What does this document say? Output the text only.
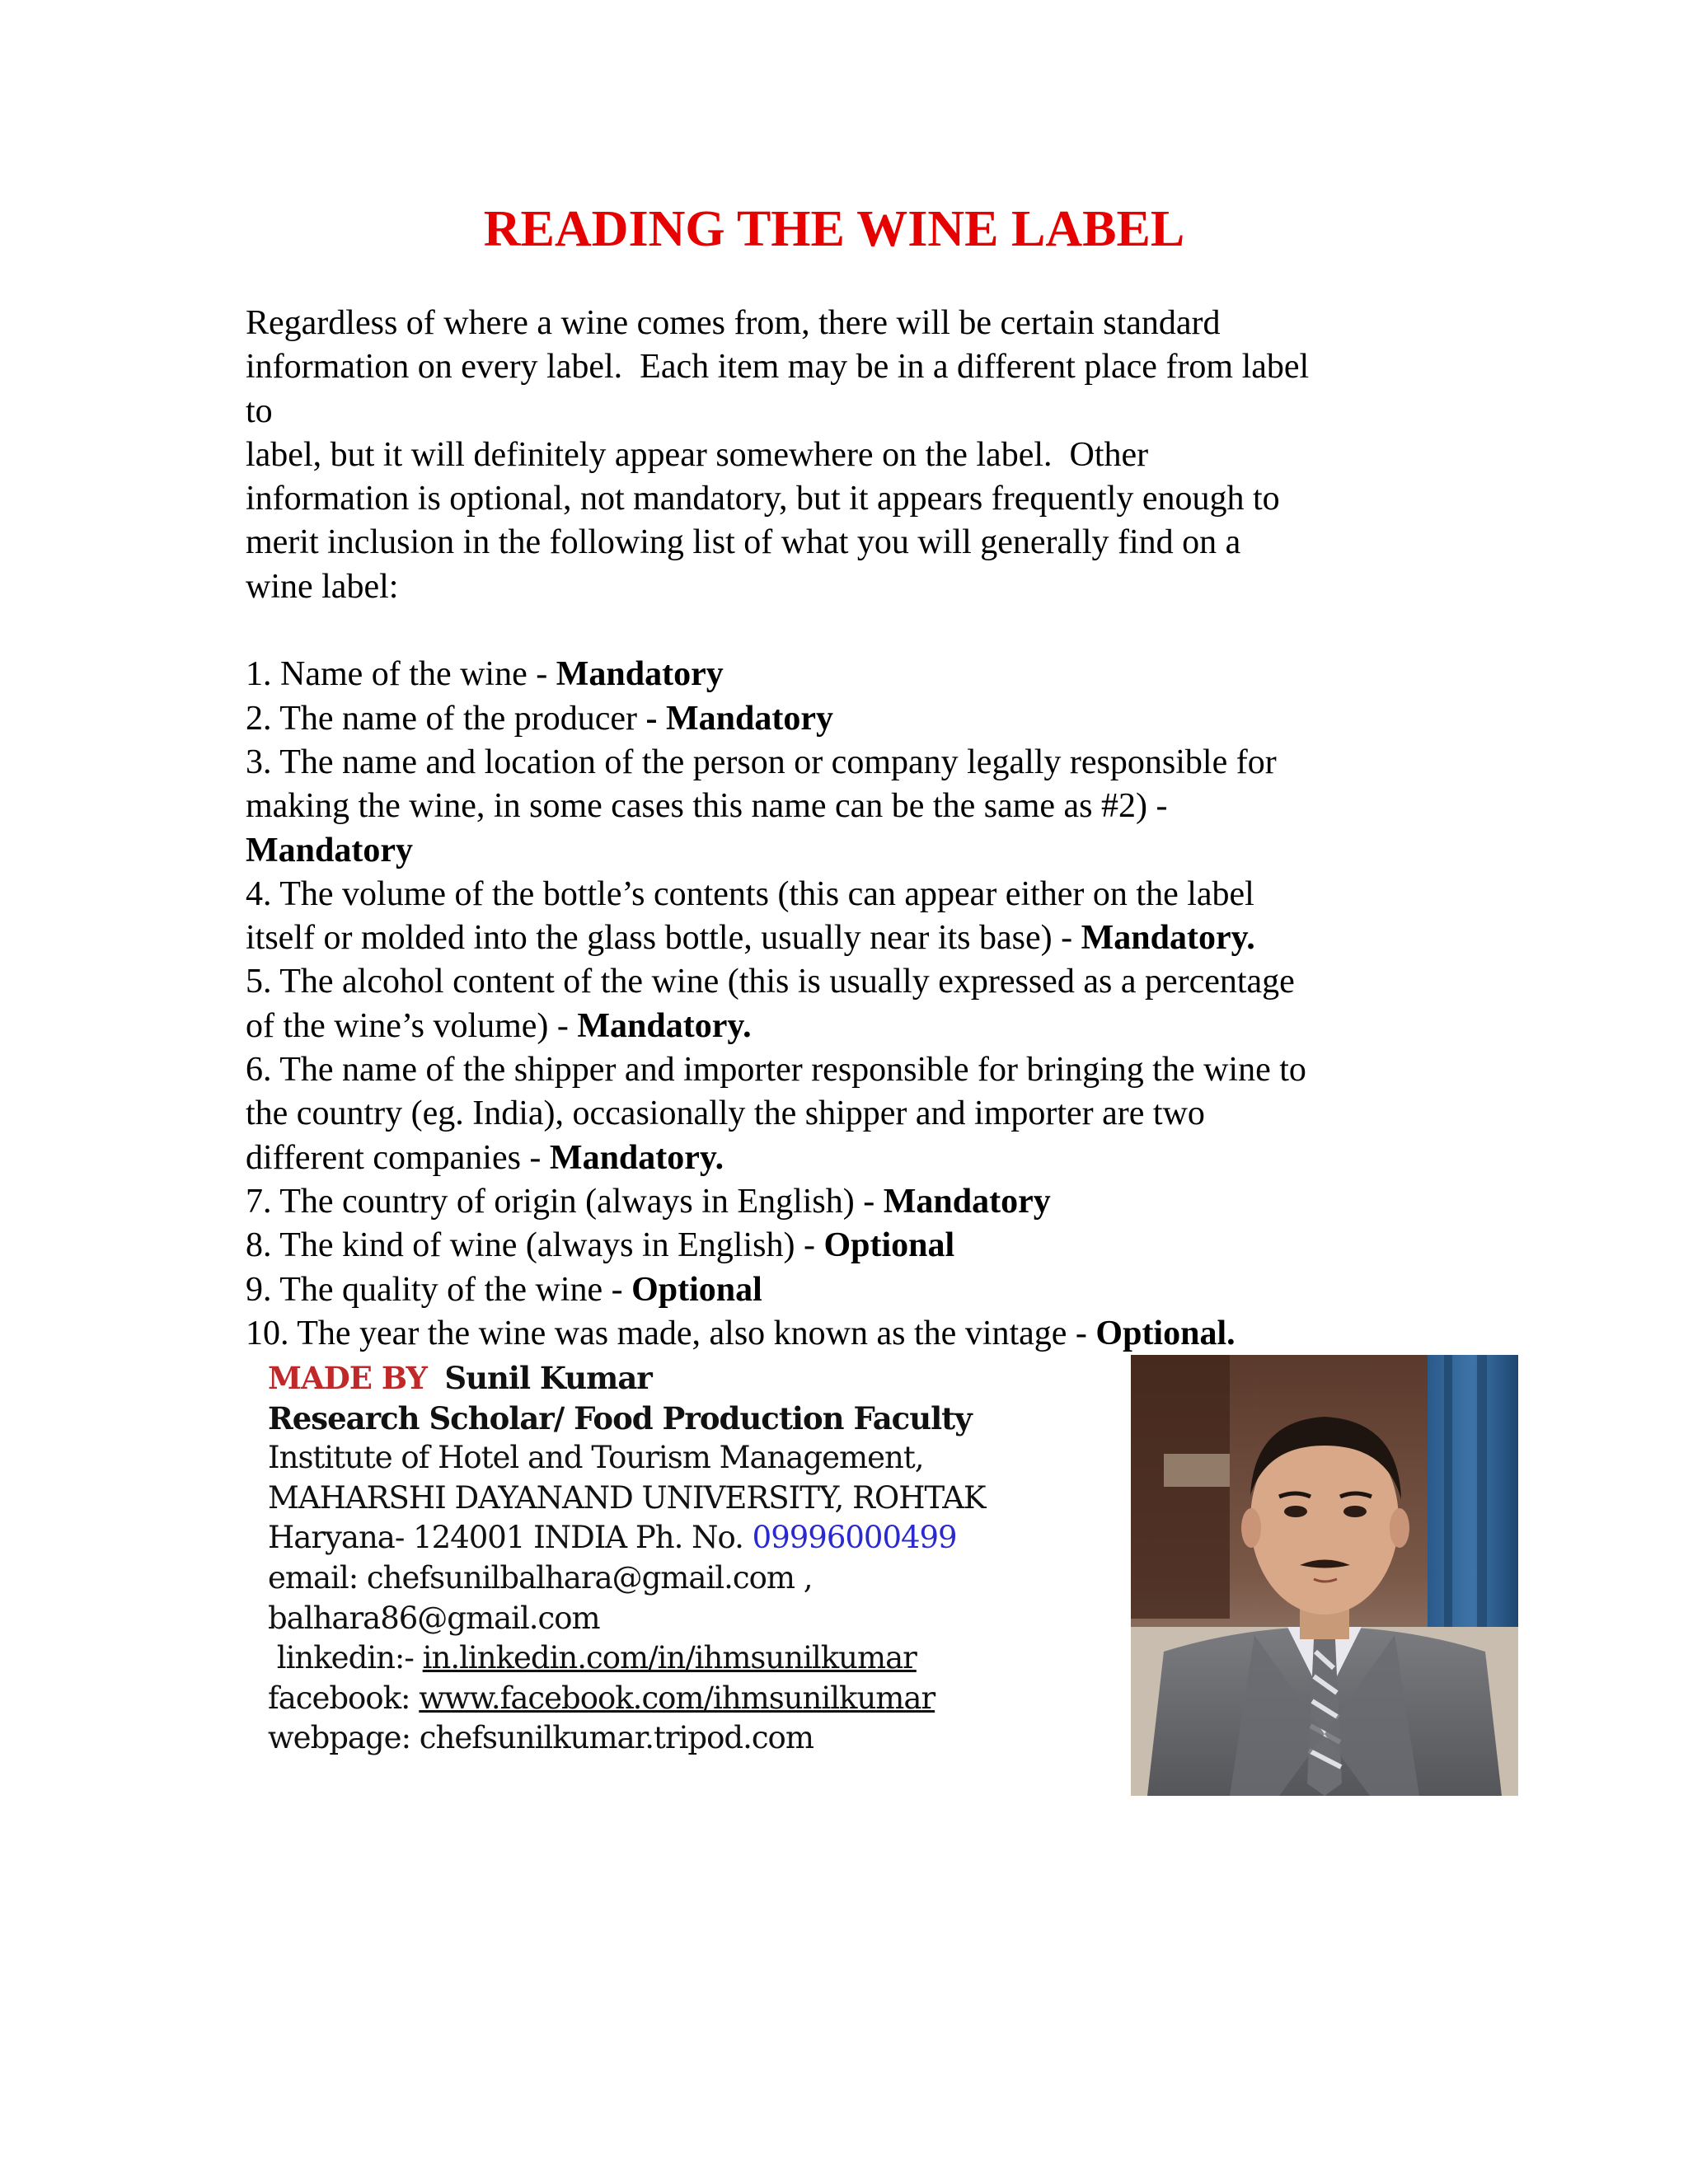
READING THE WINE LABEL
Regardless of where a wine comes from, there will be certain standard
information on every label.  Each item may be in a different place from label
to
label, but it will definitely appear somewhere on the label.  Other
information is optional, not mandatory, but it appears frequently enough to
merit inclusion in the following list of what you will generally find on a
wine label:
1. Name of the wine - Mandatory
2. The name of the producer - Mandatory
3. The name and location of the person or company legally responsible for
making the wine, in some cases this name can be the same as #2) -
Mandatory
4. The volume of the bottle’s contents (this can appear either on the label
itself or molded into the glass bottle, usually near its base) - Mandatory.
5. The alcohol content of the wine (this is usually expressed as a percentage
of the wine’s volume) - Mandatory.
6. The name of the shipper and importer responsible for bringing the wine to
the country (eg. India), occasionally the shipper and importer are two
different companies - Mandatory.
7. The country of origin (always in English) - Mandatory
8. The kind of wine (always in English) - Optional
9. The quality of the wine - Optional
10. The year the wine was made, also known as the vintage - Optional.
MADE BY Sunil Kumar
Research Scholar/ Food Production Faculty
Institute of Hotel and Tourism Management,
MAHARSHI DAYANAND UNIVERSITY, ROHTAK
Haryana- 124001 INDIA Ph. No. 09996000499
email: chefsunilbalhara@gmail.com ,
balhara86@gmail.com
linkedin:- in.linkedin.com/in/ihmsunilkumar
facebook: www.facebook.com/ihmsunilkumar
webpage: chefsunilkumar.tripod.com
